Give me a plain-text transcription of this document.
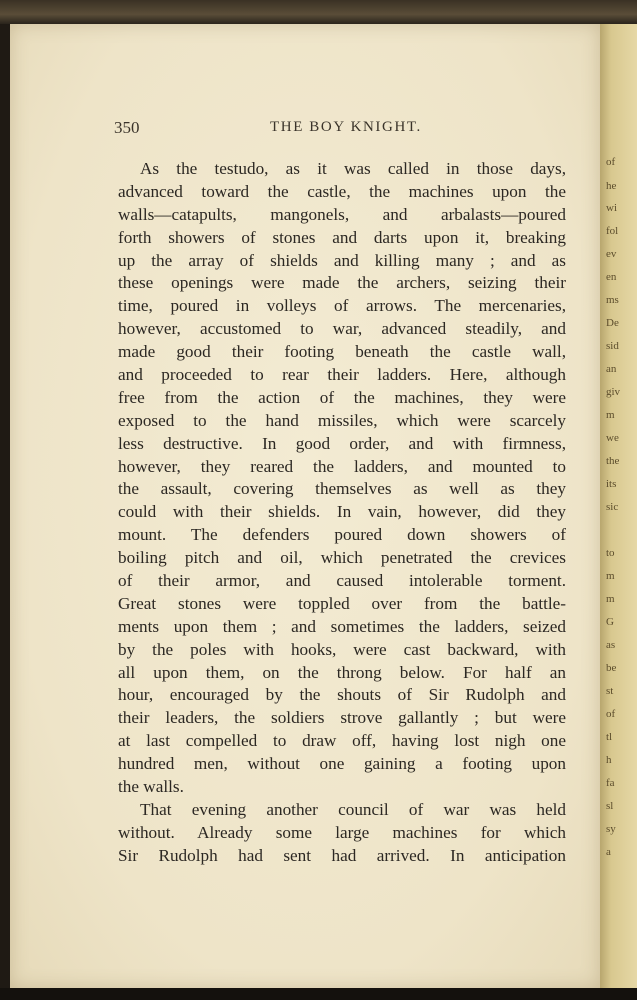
350	THE BOY KNIGHT.
As the testudo, as it was called in those days,
advanced toward the castle, the machines upon the
walls—catapults, mangonels, and arbalasts—poured
forth showers of stones and darts upon it, breaking
up the array of shields and killing many ; and as
these openings were made the archers, seizing their
time, poured in volleys of arrows. The mercenaries,
however, accustomed to war, advanced steadily, and
made good their footing beneath the castle wall,
and proceeded to rear their ladders. Here, although
free from the action of the machines, they were
exposed to the hand missiles, which were scarcely
less destructive. In good order, and with firmness,
however, they reared the ladders, and mounted to
the assault, covering themselves as well as they
could with their shields. In vain, however, did they
mount. The defenders poured down showers of
boiling pitch and oil, which penetrated the crevices
of their armor, and caused intolerable torment.
Great stones were toppled over from the battle-
ments upon them ; and sometimes the ladders, seized
by the poles with hooks, were cast backward, with
all upon them, on the throng below. For half an
hour, encouraged by the shouts of Sir Rudolph and
their leaders, the soldiers strove gallantly ; but were
at last compelled to draw off, having lost nigh one
hundred men, without one gaining a footing upon
the walls.
That evening another council of war was held
without. Already some large machines for which
Sir Rudolph had sent had arrived. In anticipation
of
he
wi
fol
ev
en
ms
De
sid
an
giv
m
we
the
its
sic
to
m
m
G
as
be
st
of
tl
h
fa
sl
sy
a
